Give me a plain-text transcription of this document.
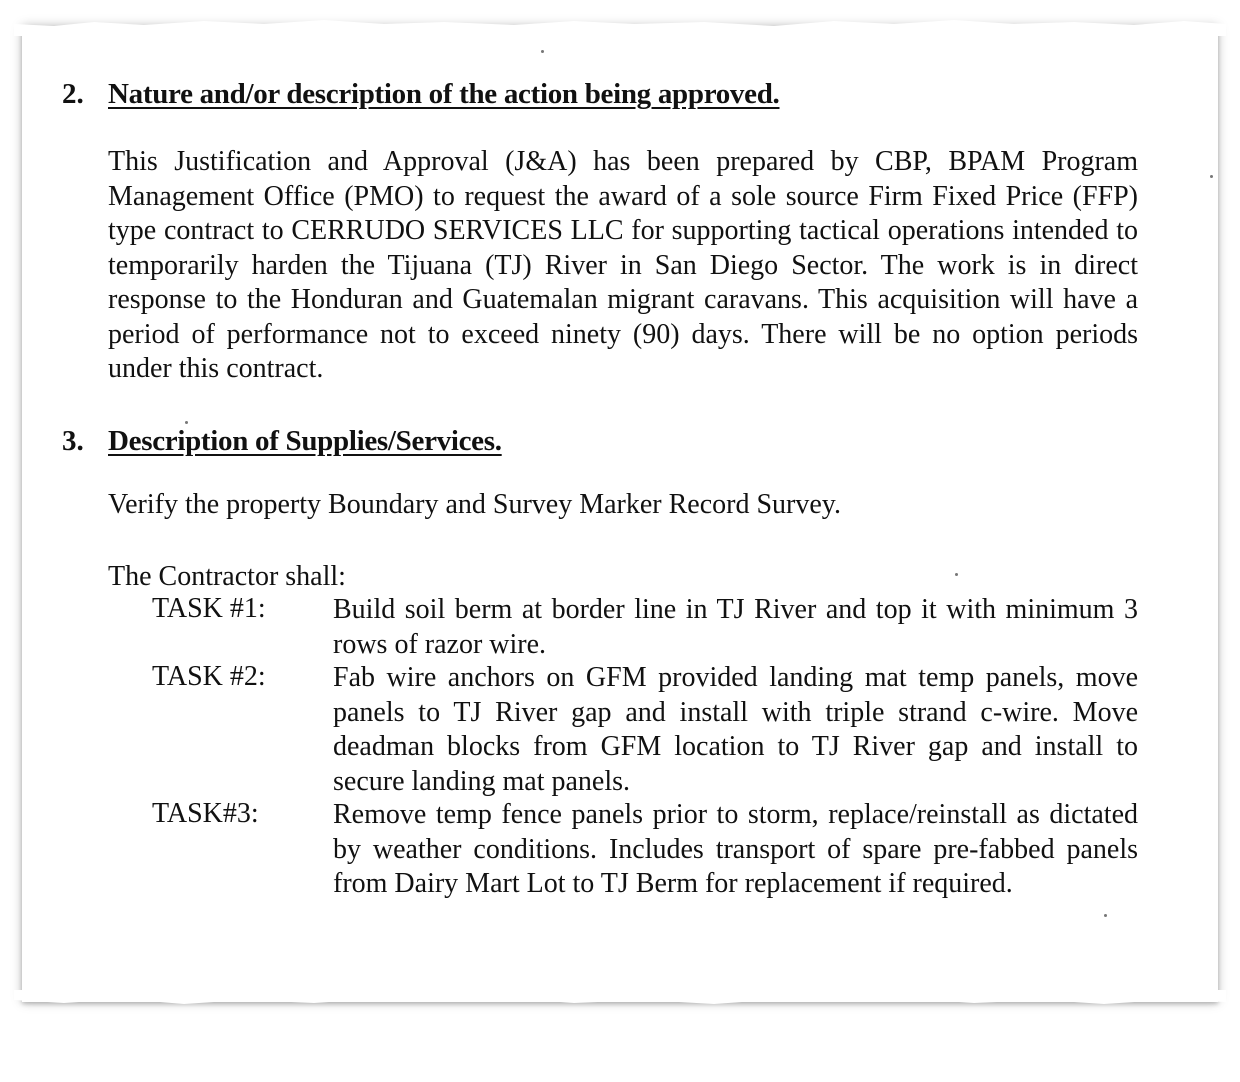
2. Nature and/or description of the action being approved.
This Justification and Approval (J&A) has been prepared by CBP, BPAM Program Management Office (PMO) to request the award of a sole source Firm Fixed Price (FFP) type contract to CERRUDO SERVICES LLC for supporting tactical operations intended to temporarily harden the Tijuana (TJ) River in San Diego Sector. The work is in direct response to the Honduran and Guatemalan migrant caravans. This acquisition will have a period of performance not to exceed ninety (90) days. There will be no option periods under this contract.
3. Description of Supplies/Services.
Verify the property Boundary and Survey Marker Record Survey.
The Contractor shall:
TASK #1: Build soil berm at border line in TJ River and top it with minimum 3 rows of razor wire.
TASK #2: Fab wire anchors on GFM provided landing mat temp panels, move panels to TJ River gap and install with triple strand c-wire. Move deadman blocks from GFM location to TJ River gap and install to secure landing mat panels.
TASK#3:	Remove temp fence panels prior to storm, replace/reinstall as dictated by weather conditions. Includes transport of spare pre-fabbed panels from Dairy Mart Lot to TJ Berm for replacement if required.
